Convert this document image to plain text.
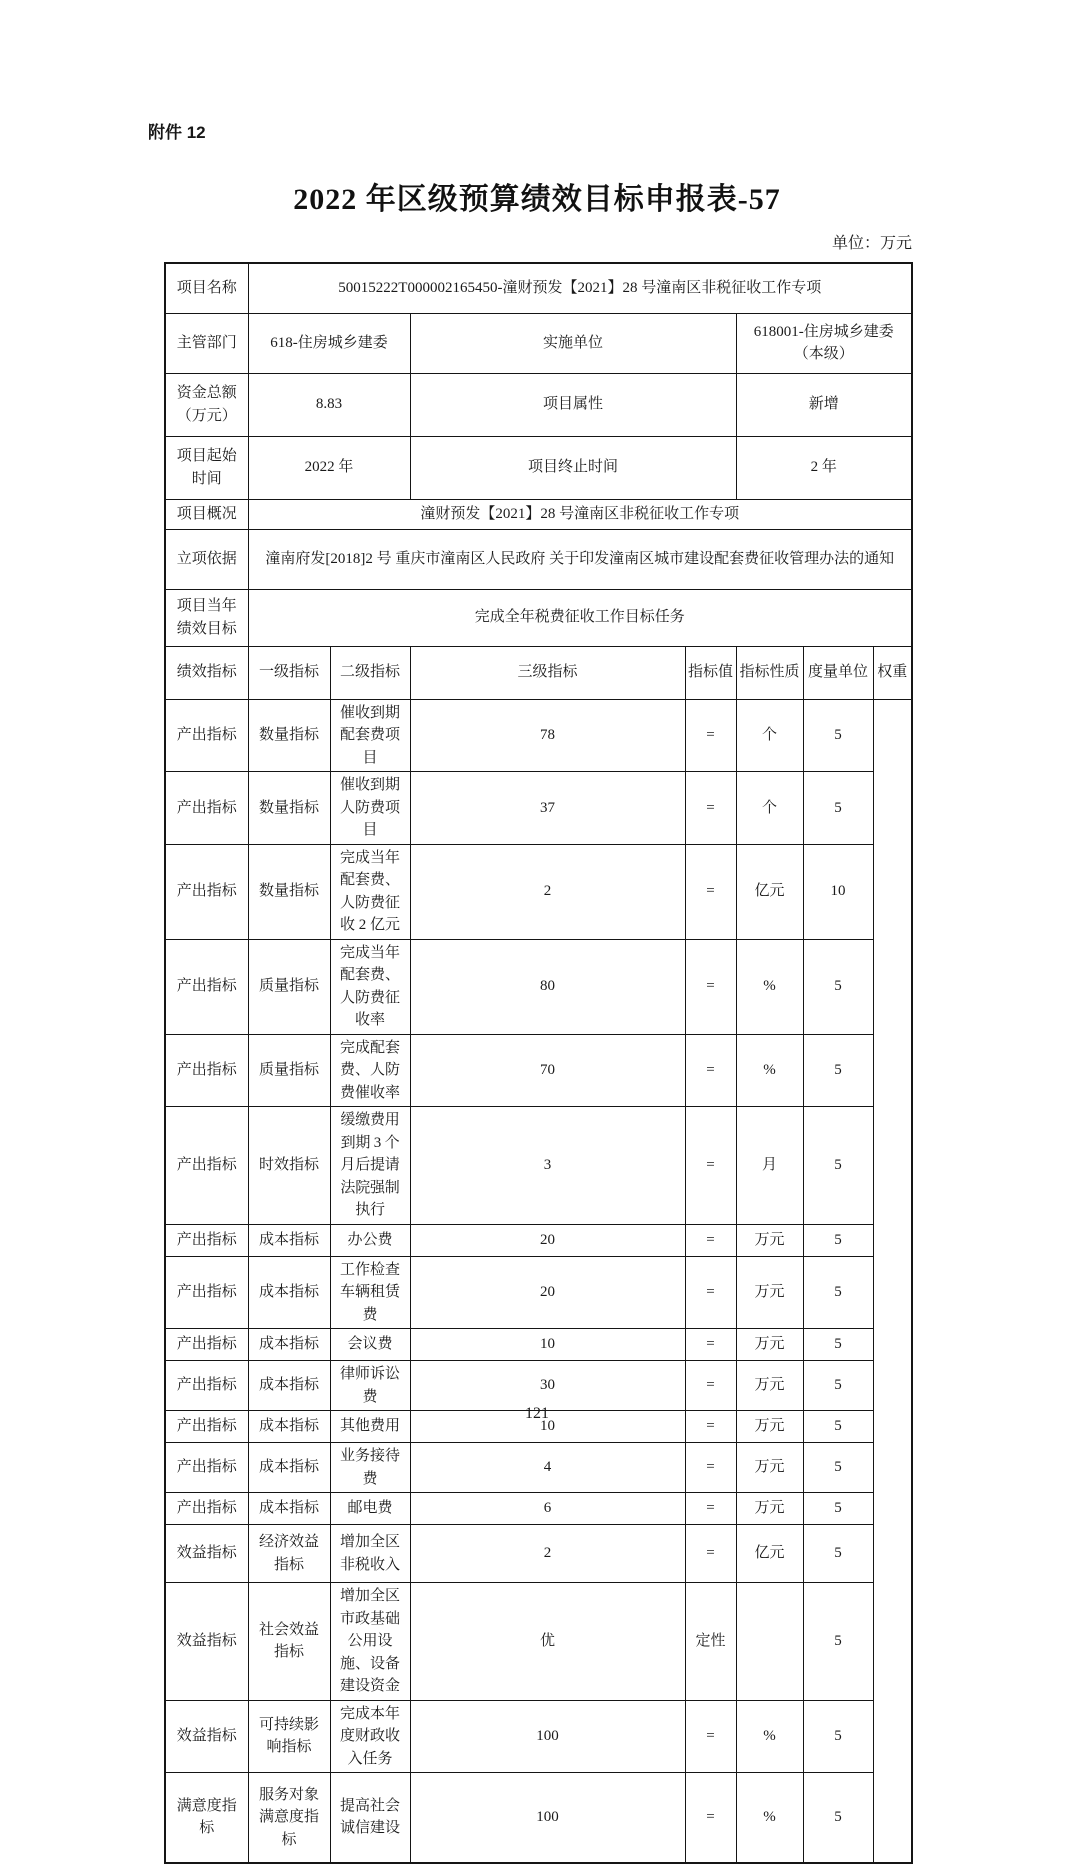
附件 12
2022 年区级预算绩效目标申报表-57
单位：万元
项目名称	50015222T000002165450-潼财预发【2021】28 号潼南区非税征收工作专项						
主管部门	618-住房城乡建委		实施单位		618001-住房城乡建委（本级）		
资金总额（万元）	8.83		项目属性		新增		
项目起始时间	2022 年		项目终止时间		2 年		
项目概况	潼财预发【2021】28 号潼南区非税征收工作专项						
立项依据	潼南府发[2018]2 号 重庆市潼南区人民政府 关于印发潼南区城市建设配套费征收管理办法的通知						
项目当年绩效目标	完成全年税费征收工作目标任务						
绩效指标	一级指标	二级指标	三级指标	指标值	指标性质	度量单位	权重
产出指标	数量指标	催收到期配套费项目	78	=	个	5	
产出指标	数量指标	催收到期人防费项目	37	=	个	5	
产出指标	数量指标	完成当年配套费、人防费征收 2 亿元	2	=	亿元	10	
产出指标	质量指标	完成当年配套费、人防费征收率	80	=	%	5	
产出指标	质量指标	完成配套费、人防费催收率	70	=	%	5	
产出指标	时效指标	缓缴费用到期 3 个月后提请法院强制执行	3	=	月	5	
产出指标	成本指标	办公费	20	=	万元	5	
产出指标	成本指标	工作检查车辆租赁费	20	=	万元	5	
产出指标	成本指标	会议费	10	=	万元	5	
产出指标	成本指标	律师诉讼费	30	=	万元	5	
产出指标	成本指标	其他费用	10	=	万元	5	
产出指标	成本指标	业务接待费	4	=	万元	5	
产出指标	成本指标	邮电费	6	=	万元	5	
效益指标	经济效益指标	增加全区非税收入	2	=	亿元	5	
效益指标	社会效益指标	增加全区市政基础公用设施、设备建设资金	优	定性		5	
效益指标	可持续影响指标	完成本年度财政收入任务	100	=	%	5	
满意度指标	服务对象满意度指标	提高社会诚信建设	100	=	%	5	
121
